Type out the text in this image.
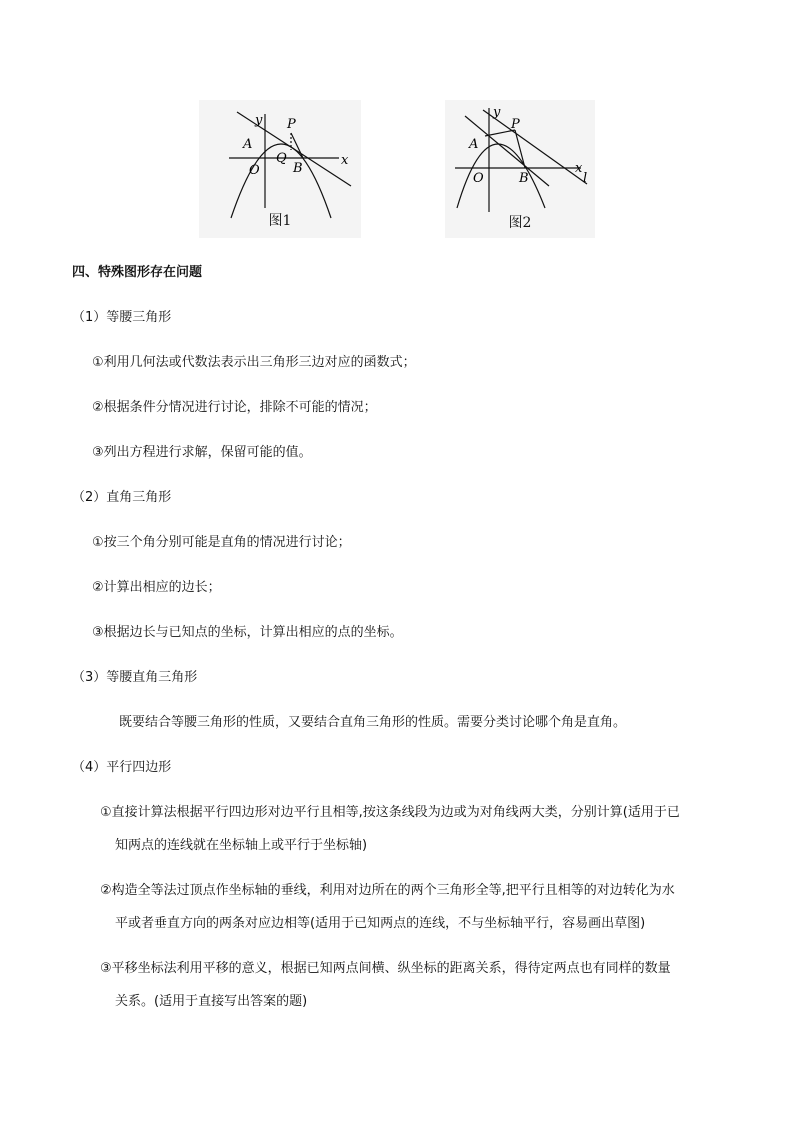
y
x
P
A
Q
O	B
图1
y
x
l
P
A
O	B
图2
四、特殊图形存在问题
（1）等腰三角形
①利用几何法或代数法表示出三角形三边对应的函数式；
②根据条件分情况进行讨论，排除不可能的情况；
③列出方程进行求解，保留可能的值。
（2）直角三角形
①按三个角分别可能是直角的情况进行讨论；
②计算出相应的边长；
③根据边长与已知点的坐标，计算出相应的点的坐标。
（3）等腰直角三角形
既要结合等腰三角形的性质，又要结合直角三角形的性质。需要分类讨论哪个角是直角。
（4）平行四边形
①直接计算法根据平行四边形对边平行且相等,按这条线段为边或为对角线两大类，分别计算(适用于已
知两点的连线就在坐标轴上或平行于坐标轴)
②构造全等法过顶点作坐标轴的垂线，利用对边所在的两个三角形全等,把平行且相等的对边转化为水
平或者垂直方向的两条对应边相等(适用于已知两点的连线，不与坐标轴平行，容易画出草图)
③平移坐标法利用平移的意义，根据已知两点间横、纵坐标的距离关系，得待定两点也有同样的数量
关系。(适用于直接写出答案的题)
